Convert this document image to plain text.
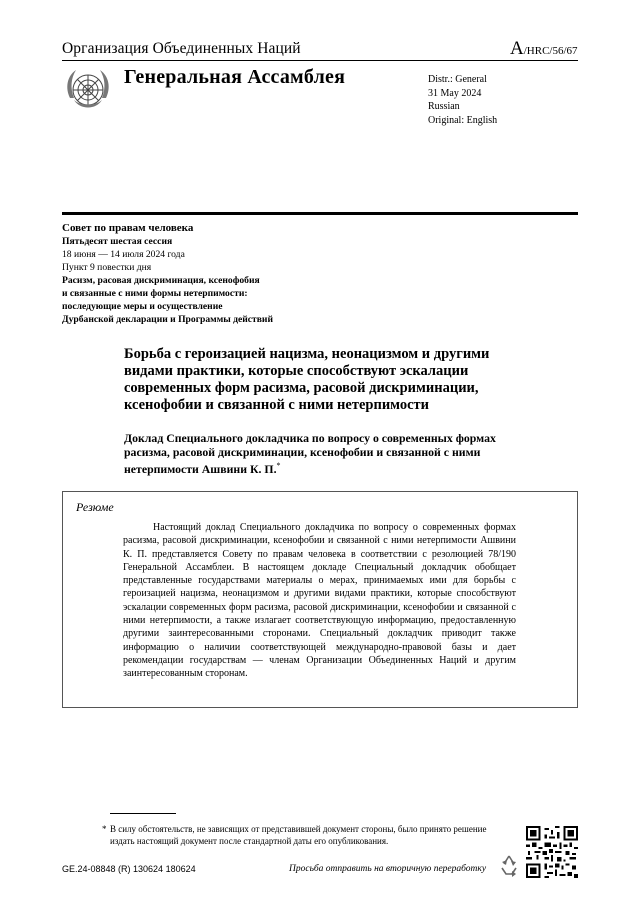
Организация Объединенных Наций	A/HRC/56/67
Генеральная Ассамблея	Distr.: General
31 May 2024
Russian
Original: English
Совет по правам человека
Пятьдесят шестая сессия
18 июня — 14 июля 2024 года
Пункт 9 повестки дня
Расизм, расовая дискриминация, ксенофобия
и связанные с ними формы нетерпимости:
последующие меры и осуществление
Дурбанской декларации и Программы действий
Борьба с героизацией нацизма, неонацизмом и другими видами практики, которые способствуют эскалации современных форм расизма, расовой дискриминации, ксенофобии и связанной с ними нетерпимости
Доклад Специального докладчика по вопросу о современных формах расизма, расовой дискриминации, ксенофобии и связанной с ними нетерпимости Ашвини К. П.*
Резюме
Настоящий доклад Специального докладчика по вопросу о современных формах расизма, расовой дискриминации, ксенофобии и связанной с ними нетерпимости Ашвини К. П. представляется Совету по правам человека в соответствии с резолюцией 78/190 Генеральной Ассамблеи. В настоящем докладе Специальный докладчик обобщает представленные государствами материалы о мерах, принимаемых ими для борьбы с героизацией нацизма, неонацизмом и другими видами практики, которые способствуют эскалации современных форм расизма, расовой дискриминации, ксенофобии и связанной с ними нетерпимости, а также излагает соответствующую информацию, предоставленную другими заинтересованными сторонами. Специальный докладчик приводит также информацию о наличии соответствующей международно-правовой базы и дает рекомендации государствам — членам Организации Объединенных Наций и другим заинтересованным сторонам.
* В силу обстоятельств, не зависящих от представившей документ стороны, было принято решение издать настоящий документ после стандартной даты его опубликования.
GE.24-08848 (R) 130624 180624	Просьба отправить на вторичную переработку
